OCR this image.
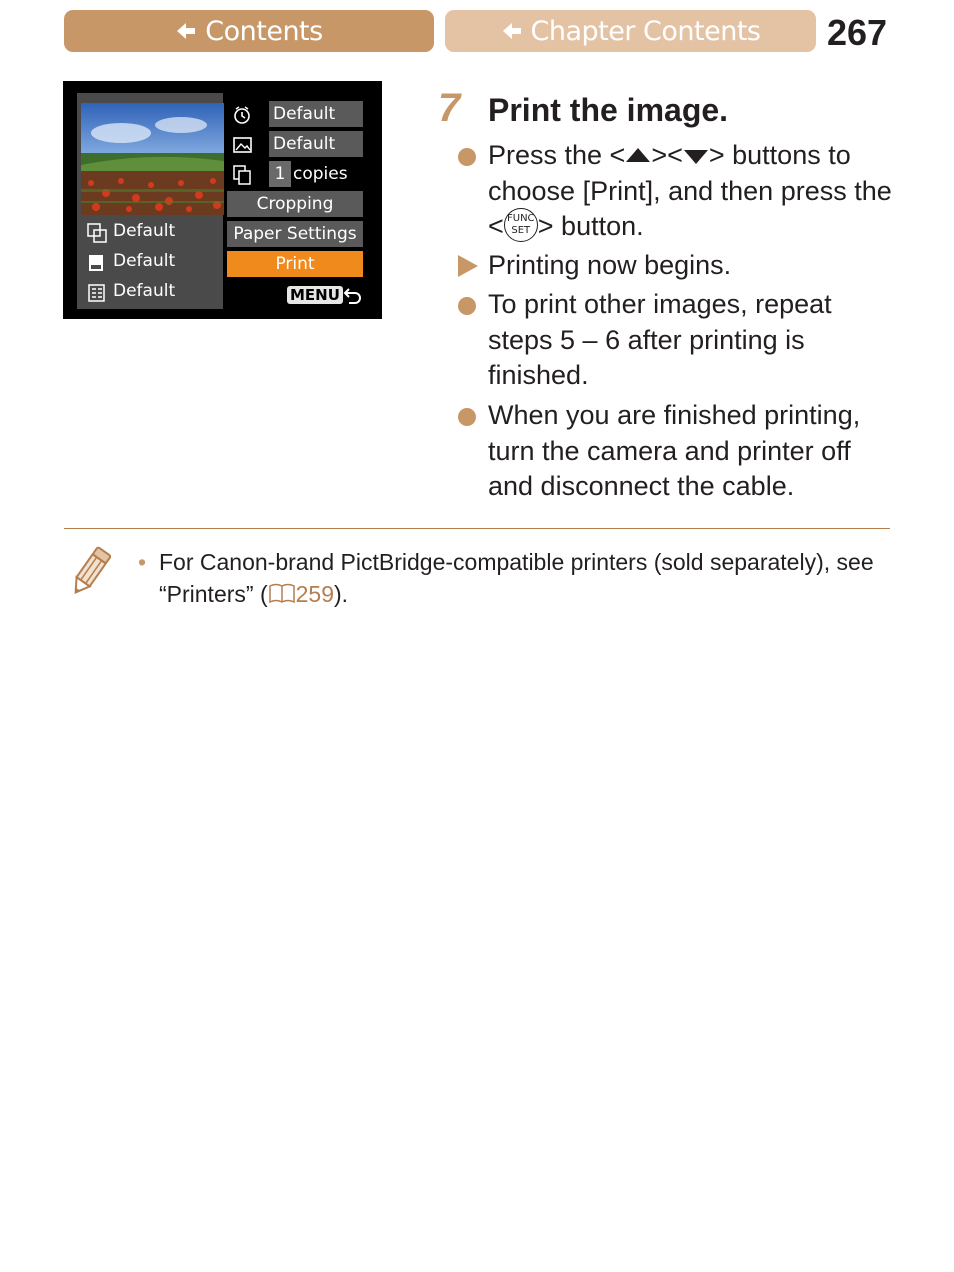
Contents	Chapter Contents 267
Default
Default
1 copies
Cropping
Paper Settings
Print
Default
Default
Default	MENU
7 Print the image.
Press the < >< > buttons to choose [Print], and then press the < FUNC
SET > button.
Printing now begins.
To print other images, repeat steps 5 – 6 after printing is finished.
When you are finished printing, turn the camera and printer off and disconnect the cable.
• For Canon-brand PictBridge-compatible printers (sold separately), see “Printers” ( 259).
